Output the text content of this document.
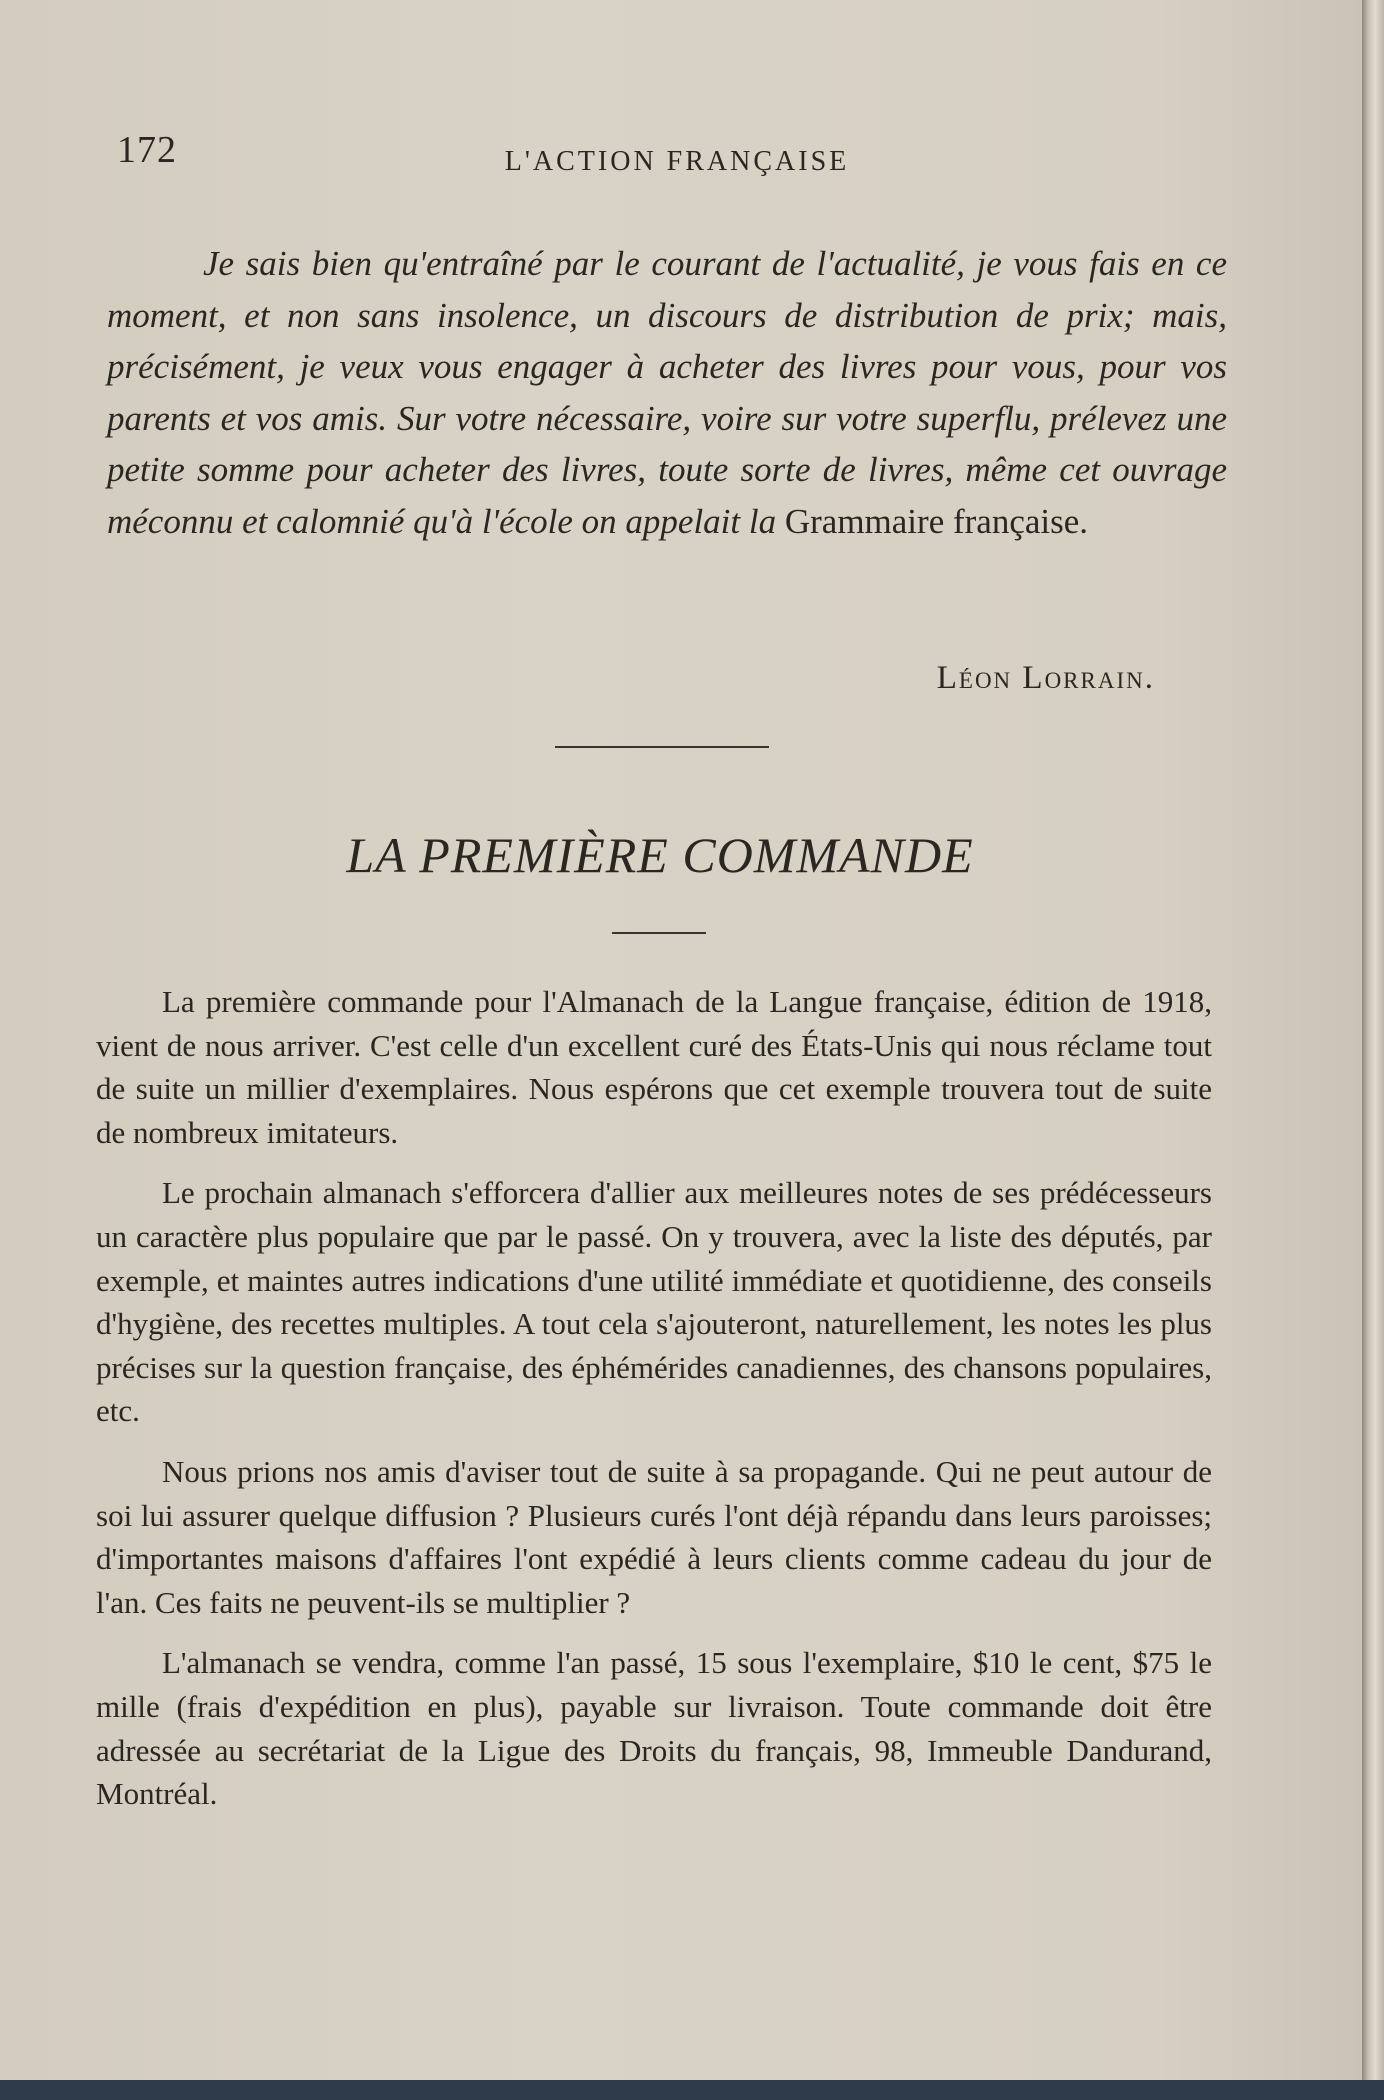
172	L'ACTION FRANÇAISE
Je sais bien qu'entraîné par le courant de l'actualité, je vous fais en ce moment, et non sans insolence, un discours de distribution de prix; mais, précisément, je veux vous engager à acheter des livres pour vous, pour vos parents et vos amis. Sur votre nécessaire, voire sur votre superflu, prélevez une petite somme pour acheter des livres, toute sorte de livres, même cet ouvrage méconnu et calomnié qu'à l'école on appelait la Grammaire française.
Léon Lorrain.
LA PREMIÈRE COMMANDE

La première commande pour l'Almanach de la Langue française, édition de 1918, vient de nous arriver. C'est celle d'un excellent curé des États-Unis qui nous réclame tout de suite un millier d'exemplaires. Nous espérons que cet exemple trouvera tout de suite de nombreux imitateurs.

Le prochain almanach s'efforcera d'allier aux meilleures notes de ses prédécesseurs un caractère plus populaire que par le passé. On y trouvera, avec la liste des députés, par exemple, et maintes autres indications d'une utilité immédiate et quotidienne, des conseils d'hygiène, des recettes multiples. A tout cela s'ajouteront, naturellement, les notes les plus précises sur la question française, des éphémérides canadiennes, des chansons populaires, etc.

Nous prions nos amis d'aviser tout de suite à sa propagande. Qui ne peut autour de soi lui assurer quelque diffusion ? Plusieurs curés l'ont déjà répandu dans leurs paroisses; d'importantes maisons d'affaires l'ont expédié à leurs clients comme cadeau du jour de l'an. Ces faits ne peuvent-ils se multiplier ?

L'almanach se vendra, comme l'an passé, 15 sous l'exemplaire, $10 le cent, $75 le mille (frais d'expédition en plus), payable sur livraison. Toute commande doit être adressée au secrétariat de la Ligue des Droits du français, 98, Immeuble Dandurand, Montréal.
